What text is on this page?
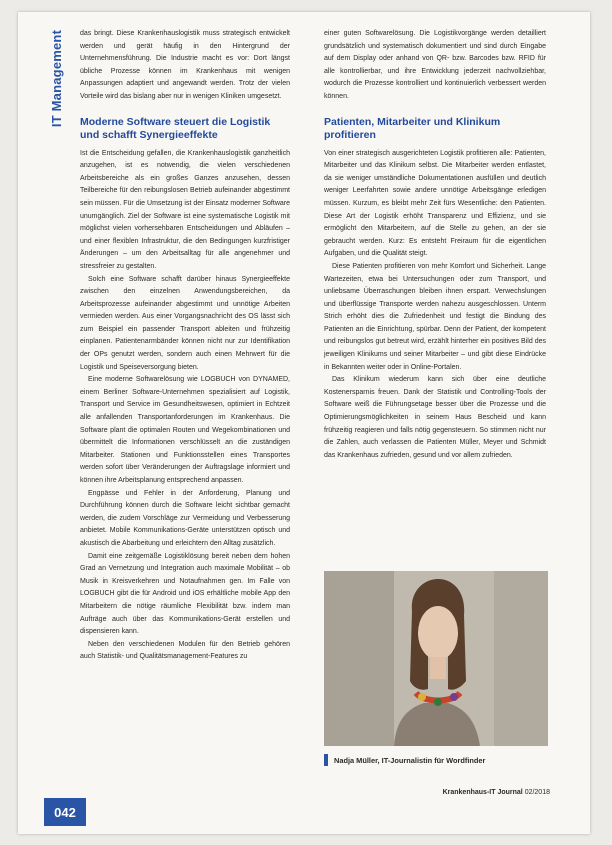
IT Management das bringt. Diese Krankenhauslogistik muss strategisch entwickelt werden und gerät häufig in den Hintergrund der Unternehmensführung. Die Industrie macht es vor: Dort längst übliche Prozesse können im Krankenhaus mit wenigen Anpassungen adaptiert und angewandt werden. Trotz der vielen Vorteile wird das bislang aber nur in wenigen Kliniken umgesetzt.

Moderne Software steuert die Logistik und schafft Synergieeffekte

Ist die Entscheidung gefallen, die Krankenhauslogistik ganzheitlich anzugehen, ist es notwendig, die vielen verschiedenen Arbeitsbereiche als ein großes Ganzes anzusehen, dessen Teilbereiche für den reibungslosen Betrieb aufeinander abgestimmt sein müssen. Für die Umsetzung ist der Einsatz moderner Software unumgänglich. Ziel der Software ist eine systematische Logistik mit möglichst vielen vorhersehbaren Entscheidungen und Abläufen – und einer flexiblen Infrastruktur, die den Bedingungen kurzfristiger Änderungen – um den Arbeitsalltag für alle angenehmer und stressfreier zu gestalten.

Solch eine Software schafft darüber hinaus Synergieeffekte zwischen den einzelnen Anwendungsbereichen, da Arbeitsprozesse aufeinander abgestimmt und unnötige Arbeiten vermieden werden. Aus einer Vorgangsnachricht des OS lässt sich zum Beispiel ein passender Transport ableiten und frühzeitig einplanen. Patientenarmbänder können nicht nur zur Identifikation der OPs genutzt werden, sondern auch einen Mehrwert für die Logistik und Speiseversorgung bieten.

Eine moderne Softwarelösung wie LOGBUCH von DYNAMED, einem Berliner Software-Unternehmen spezialisiert auf Logistik, Transport und Service im Gesundheitswesen, optimiert in Echtzeit alle anfallenden Transportanforderungen im Krankenhaus. Die Software plant die optimalen Routen und Wegekombinationen und übermittelt die Informationen verschlüsselt an die zuständigen Mitarbeiter. Stationen und Funktionsstellen eines Transportes werden sofort über Veränderungen der Auftragslage informiert und können ihre Arbeitsplanung entsprechend anpassen.

Engpässe und Fehler in der Anforderung, Planung und Durchführung können durch die Software leicht sichtbar gemacht werden, die zudem Vorschläge zur Vermeidung und Verbesserung anbietet. Mobile Kommunikations-Geräte unterstützen optisch und akustisch die Abarbeitung und erleichtern den Alltag zusätzlich.

Damit eine zeitgemäße Logistiklösung bereit neben dem hohen Grad an Vernetzung und Integration auch maximale Mobilität – ob Musik in Kreisverkehren und Notaufnahmen gen. Im Falle von LOGBUCH gibt die für Android und iOS erhältliche mobile App den Mitarbeitern die nötige räumliche Flexibilität bzw. indem man Aufträge auch über das Kommunikations-Gerät erstellen und dispensieren kann.

Neben den verschiedenen Modulen für den Betrieb gehören auch Statistik- und Qualitätsmanagement-Features zu

einer guten Softwarelösung. Die Logistikvorgänge werden detailliert grundsätzlich und systematisch dokumentiert und sind durch Eingabe auf dem Display oder anhand von QR- bzw. Barcodes bzw. RFID für alle kontrollierbar, und ihre Entwicklung jederzeit nachvollziehbar, wodurch die Prozesse kontrolliert und kontinuierlich verbessert werden können.

Patienten, Mitarbeiter und Klinikum profitieren

Von einer strategisch ausgerichteten Logistik profitieren alle: Patienten, Mitarbeiter und das Klinikum selbst. Die Mitarbeiter werden entlastet, da sie weniger umständliche Dokumentationen ausfüllen und deutlich weniger Leerfahrten sowie andere unnötige Arbeitsgänge erledigen müssen. Kurzum, es bleibt mehr Zeit fürs Wesentliche: den Patienten. Diese Art der Logistik erhöht Transparenz und Effizienz, und sie ermöglicht den Mitarbeitern, auf die Stelle zu gehen, an der sie gebraucht werden. Kurz: Es entsteht Freiraum für die eigentlichen Aufgaben, und die Qualität steigt.

Diese Patienten profitieren von mehr Komfort und Sicherheit. Lange Wartezeiten, etwa bei Untersuchungen oder zum Transport, und unliebsame Überraschungen bleiben ihnen erspart. Verwechslungen und überflüssige Transporte werden nahezu ausgeschlossen. Unterm Strich erhöht dies die Zufriedenheit und festigt die Bindung des Patienten an die Einrichtung, spürbar. Denn der Patient, der kompetent und reibungslos gut betreut wird, erzählt hinterher ein positives Bild des jeweiligen Klinikums und seiner Mitarbeiter – und gibt diese Eindrücke in Bekannten weiter oder in Online-Portalen.

Das Klinikum wiederum kann sich über eine deutliche Kostenersparnis freuen. Dank der Statistik und Controlling-Tools der Software weiß die Führungsetage besser über die Prozesse und die Optimierungsmöglichkeiten in seinem Haus Bescheid und kann frühzeitig reagieren und falls nötig gegensteuern. So stimmen nicht nur die Zahlen, auch verlassen die Patienten Müller, Meyer und Schmidt das Krankenhaus zufrieden, gesund und vor allem zufrieden.

Nadja Müller, IT-Journalistin für Wordfinder
Krankenhaus-IT Journal 02/2018
042
